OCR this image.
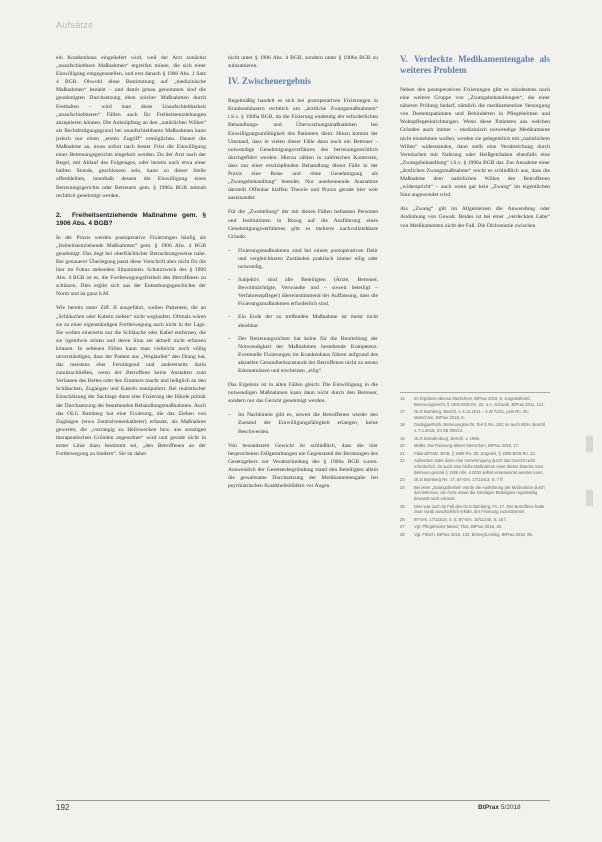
Aufsätze

ein Krankenhaus eingeliefert wird, weil der Arzt zunächst „unaufschiebbare Maßnahmen“ ergreifen müsse, die sich einer Einwilligung entgegenstellen, und erst danach § 1906 Abs. 1 Satz 4 BGB. Obwohl diese Bestimmung auf „medizinische Maßnahmen“ bezieht – und damit genau genommen sind die genehmigten Durchsetzung eben solcher Maßnahmen durch Festhalten – wird man diese Unaufschiebbarkeit „unaufschiebbaren“ Fällen auch für Freiheitsentziehungen akzeptieren können. Die Anknüpfung an den „natürlichen Willen“ als Rechtfertigungsgrund bei unaufschiebbaren Maßnahmen kann jedoch nur einen „ersten Zugriff“ ermöglichen. Dauert die Maßnahme an, muss sofort nach bester Frist die Einwilligung eines Betreuungsgerichts eingeholt werden. Da der Arzt nach der Regel, mit Ablauf des Folgetages, oder bereits nach etwa einer halben Stunde, geschlossen sein, kann zu dieser Stelle offenbleiben, innerhalb dessen die Einwilligung eines Betreuungsgerichts oder Betreuers gem. § 1906a BGB zeitnah rechtlich genehmigt werden.

2. Freiheitsentziehende Maßnahme gem. § 1906 Abs. 4 BGB?

In der Praxis werden postoperative Fixierungen häufig als „freiheitsentziehende Maßnahmen“ gem. § 1906 Abs. 4 BGB genehmigt. Das liegt bei oberflächlicher Betrachtungsweise nahe. Bei genauerer Überlegung passt diese Vorschrift aber nicht für die hier im Fokus stehenden Situationen. Schutzzweck des § 1906 Abs. 4 BGB ist es, die Fortbewegungsfreiheit des Betroffenen zu schützen. Dies ergibt sich aus der Entstehungsgeschichte der Norm und ist ganz h.M.

Wie bereits unter Ziff. II ausgeführt, wollen Patienten, die an „Schläuchen oder Kabeln ziehen“ nicht weglaufen. Oftmals wären sie zu einer eigenständigen Fortbewegung auch nicht in der Lage. Sie wollen einerseits nur die Schläuche oder Kabel entfernen, die sie irgendwie stören und deren Sinn sie aktuell nicht erfassen können. In seltenen Fällen kann man vielleicht noch völlig unverständigen, dass der Patient aus „Weglaufen“ den Drang hat, das meistens eher Fernliegend und andererseits darin zunutzschließen, wenn der Betroffene keine Anstalten zum Verlassen des Bettes oder des Zimmers macht und lediglich an den Schläuchen, Zugängen und Kabeln manipuliert. Bei realistischer Einschätzung der Sachlage dient eine Fixierung der Hände primär der Durchsetzung der bestehenden Behandlungsmaßnahmen. Auch das OLG Bamberg hat eine Fixierung, die das Ziehen von Zugängen (etwa Zentralvenenkatheter) erfasste, als Maßnahme gewertet, die „vorrangig zu Heilzwecken bzw. aus sonstigen therapeutischen Gründen angeordnet“ wird und gerade nicht in erster Linie dazu bestimmt sei, „den Betroffenen an der Fortbewegung zu hindern“. Sie ist daher

nicht unter § 1906 Abs. 4 BGB, sondern unter § 1906a BGB zu subsumieren.

IV. Zwischenergebnis

Regelmäßig handelt es sich bei postoperativen Fixierungen in Krankenhäusern rechtlich um „ärztliche Zwangsmaßnahmen“ i.S.v. § 1906a BGB, da die Fixierung eindeutig der erforderlichen Behandlungs- und Überwachungsmaßnahmen bei Einwilligungsunfähigkeit des Patienten dient. Hinzu kommt der Umstand, dass in vielen dieser Fälle dann noch ein Betreuer – notwendige Genehmigungsverfahren des betreuungsrechtlich durchgeführt werden. Hierzu zählen in zahlreichen Kontexten, dass nur einer erschöpfenden Behandlung dieser Fälle in der Praxis eine Reise und ohne Genehmigung als „Zwangsbehandlung“ beendet. Nur anerkennende Ausnahme darstellt Offenbar klaffen Theorie und Praxis gerade hier weit auseinander.

Für die „Zweiteilung“ der mit diesen Fällen befassten Personen und Institutionen in Bezug auf die Ausführung eines Genehmigungsverfahrens gibt es mehrere nachvollziehbare Gründe:

– Fixierungsmaßnahmen sind bei einem postoperativen Delir und vergleichbaren Zuständen praktisch immer eilig oder notwendig.
– Subjektiv sind alle Beteiligten (Ärzte, Betreuer, Bevollmächtigte, Verwandte und – soweit beteiligt – Verfahrenspfleger) übereinstimmend der Auffassung, dass die Fixierungsmaßnahmen erforderlich sind.
– Ein Ende der zu treffenden Maßnahme ist meist nicht absehbar.
– Der Betreuungsrichter hat keine für die Beurteilung der Notwendigkeit der Maßnahmen bestehende Kompetenz. Eventuelle Fixierungen im Krankenhaus führen aufgrund des aktuellen Gesundheitszustands der Betroffenen nicht zu neuen Erkenntnissen und erscheinen „eilig“.

Das Ergebnis ist in allen Fällen gleich: Die Einwilligung in die notwendigen Maßnahmen kann dann nicht durch den Betreuer, sondern nur das Gericht genehmigt werden.

– Im Nachhinein gibt es, soweit die Betroffenen wieder den Zustand der Einwilligungsfähigkeit erlangen, keine Beschwerden.

Von besonderem Gewicht ist schließlich, dass die hier besprochenen Fallgestaltungen nie Gegenstand der Beratungen des Gesetzgebers zur Verabschiedung des § 1906a BGB waren. Ausweislich der Gesetzesbegründung stand den Beteiligten allein die gewaltsame Durchsetzung der Medikamentengabe bei psychiatrischen Krankheitsbildern vor Augen.

V. Verdeckte Medikamentengabe als weiteres Problem

Neben den postoperativen Fixierungen gibt es mindestens noch eine weitere Gruppe von „Zwangsbehandlungen“, die einer näheren Prüfung bedarf, nämlich die medikamentöse Versorgung von Demenzpatienten und Behinderten in Pflegeheimen und Wohnpflegeeinrichtungen. Wenn diese Patienten aus welchen Gründen auch immer – medizinisch notwendige Medikamente nicht einnehmen wollen, werden sie gelegentlich mit „natürlichem Willen“ widerstanden, dann stellt eine Verabreichung durch Vermischen mit Nahrung oder Heißgetränken ebenfalls eine „Zwangsbehandlung“ i.S.v. § 1906a BGB dar. Zur Annahme einer „ärztlichen Zwangsmaßnahme“ reicht es schließlich aus, dass die Maßnahme dem natürlichen Willen des Betroffenen „widerspricht“ – auch wenn gar kein „Zwang“ im eigentlichen Sinn angewendet wird.

Als „Zwang“ gilt im Allgemeinen die Anwendung oder Androhung von Gewalt. Beides ist bei einer „verdeckten Gabe“ von Medikamenten nicht der Fall. Die Dichotomie zwischen

16	Im Ergebnis ebenso Marschner, BtPrax 2018, 6; Jurgeleit/Kieß, Betreuungsrecht, § 1906 BGB Rn. 22; a.A. Schwab, BtPrax 2011, 121.
17	OLG Bamberg, Beschl. v. 5.12.2011 – 4 W 73/11, juris Rn. 25; Marschner, BtPrax 2018, 8.
18	Dodegge/Roth, Betreuungsrecht, Teil G Rn. 130; so auch BGH, Beschl. v. 7.1.2015, XII ZB 395/14.
19	OLG Brandenburg, Beschl. v. 1998.
20	Müller, Die Fixierung älterer Menschen, BtPrax 2016, 17.
21	Palandt/Götz, BGB, § 1906 Rn. 30; Jurgeleit, § 1906 BGB Rn. 22.
22	Außerdem wäre dann eine Genehmigung durch das Gericht nicht erforderlich, da auch eine bloße Maßnahme einer dieser Zwecke vom Betreuer gemäß § 1906 Abs. 4 BGB selbst verantwortet werden kann.
23	OLG Bamberg Rn. 17; BT-Drs. 17/11513, S. 7 ff.
24	Bei einer „Zwangsfreiheit“ würde die Ausführung der Maßnahme durch den Betreuer, die Ärzte sowie die sonstigen Beteiligten regelmäßig bewusst nicht erkannt.
25	Dies war auch im Fall des OLG Bamberg, Fn. 17. Der Betroffene hatte zwar vorab ausdrücklich erklärt, der Fixierung zuzustimmen.
26	BT-Drs. 17/11513, S. 6; BT-Drs. 18/11240, S. 18 f.
27	Vgl. Pflegeheime Mainz; Thar, BtPrax 2018, 26.
28	Vgl. Fölsch, BtPrax 2018, 132; Brosey/Lesting, BtPrax 2018, 95.
192	BtPrax 5/2018
